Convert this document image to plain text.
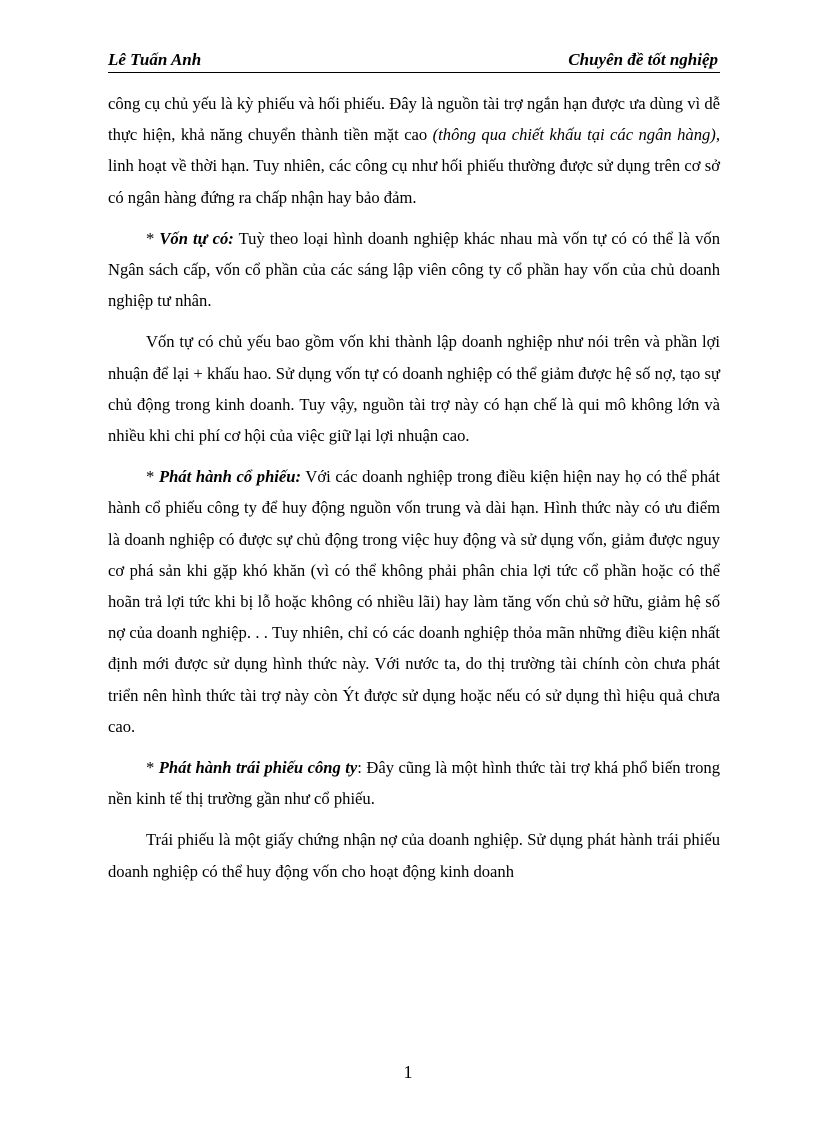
Lê Tuấn Anh	Chuyên đề tốt nghiệp

công cụ chủ yếu là kỳ phiếu và hối phiếu. Đây là nguồn tài trợ ngắn hạn được ưa dùng vì dễ thực hiện, khả năng chuyển thành tiền mặt cao (thông qua chiết khấu tại các ngân hàng), linh hoạt về thời hạn. Tuy nhiên, các công cụ như hối phiếu thường được sử dụng trên cơ sở có ngân hàng đứng ra chấp nhận hay bảo đảm.

* Vốn tự có: Tuỳ theo loại hình doanh nghiệp khác nhau mà vốn tự có có thể là vốn Ngân sách cấp, vốn cổ phần của các sáng lập viên công ty cổ phần hay vốn của chủ doanh nghiệp tư nhân.

Vốn tự có chủ yếu bao gồm vốn khi thành lập doanh nghiệp như nói trên và phần lợi nhuận để lại + khấu hao. Sử dụng vốn tự có doanh nghiệp có thể giảm được hệ số nợ, tạo sự chủ động trong kinh doanh. Tuy vậy, nguồn tài trợ này có hạn chế là qui mô không lớn và nhiều khi chi phí cơ hội của việc giữ lại lợi nhuận cao.

* Phát hành cổ phiếu: Với các doanh nghiệp trong điều kiện hiện nay họ có thể phát hành cổ phiếu công ty để huy động nguồn vốn trung và dài hạn. Hình thức này có ưu điểm là doanh nghiệp có được sự chủ động trong việc huy động và sử dụng vốn, giảm được nguy cơ phá sản khi gặp khó khăn (vì có thể không phải phân chia lợi tức cổ phần hoặc có thể hoãn trả lợi tức khi bị lỗ hoặc không có nhiều lãi) hay làm tăng vốn chủ sở hữu, giảm hệ số nợ của doanh nghiệp. . . Tuy nhiên, chỉ có các doanh nghiệp thỏa mãn những điều kiện nhất định mới được sử dụng hình thức này. Với nước ta, do thị trường tài chính còn chưa phát triển nên hình thức tài trợ này còn Ýt được sử dụng hoặc nếu có sử dụng thì hiệu quả chưa cao.

* Phát hành trái phiếu công ty: Đây cũng là một hình thức tài trợ khá phổ biến trong nền kinh tế thị trường gần như cổ phiếu.

Trái phiếu là một giấy chứng nhận nợ của doanh nghiệp. Sử dụng phát hành trái phiếu doanh nghiệp có thể huy động vốn cho hoạt động kinh doanh

1
